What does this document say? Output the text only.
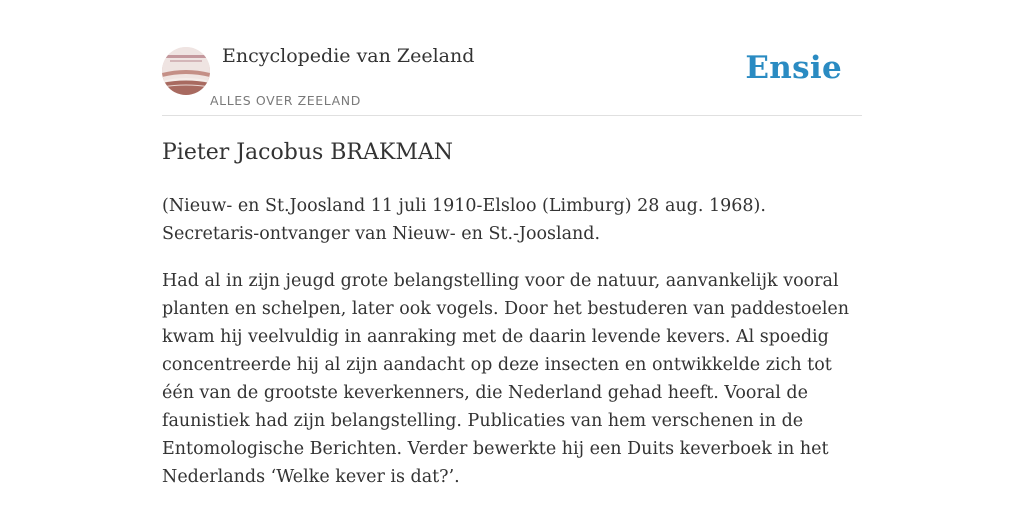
Encyclopedie van Zeeland
ALLES OVER ZEELAND
Ensie
Pieter Jacobus BRAKMAN

(Nieuw- en St.Joosland 11 juli 1910-Elsloo (Limburg) 28 aug. 1968). Secretaris-ontvanger van Nieuw- en St.-Joosland.

Had al in zijn jeugd grote belangstelling voor de natuur, aanvankelijk vooral planten en schelpen, later ook vogels. Door het bestuderen van paddestoelen kwam hij veelvuldig in aanraking met de daarin levende kevers. Al spoedig concentreerde hij al zijn aandacht op deze insecten en ontwikkelde zich tot één van de grootste keverkenners, die Nederland gehad heeft. Vooral de faunistiek had zijn belangstelling. Publicaties van hem verschenen in de Entomologische Berichten. Verder bewerkte hij een Duits keverboek in het Nederlands ‘Welke kever is dat?’.
